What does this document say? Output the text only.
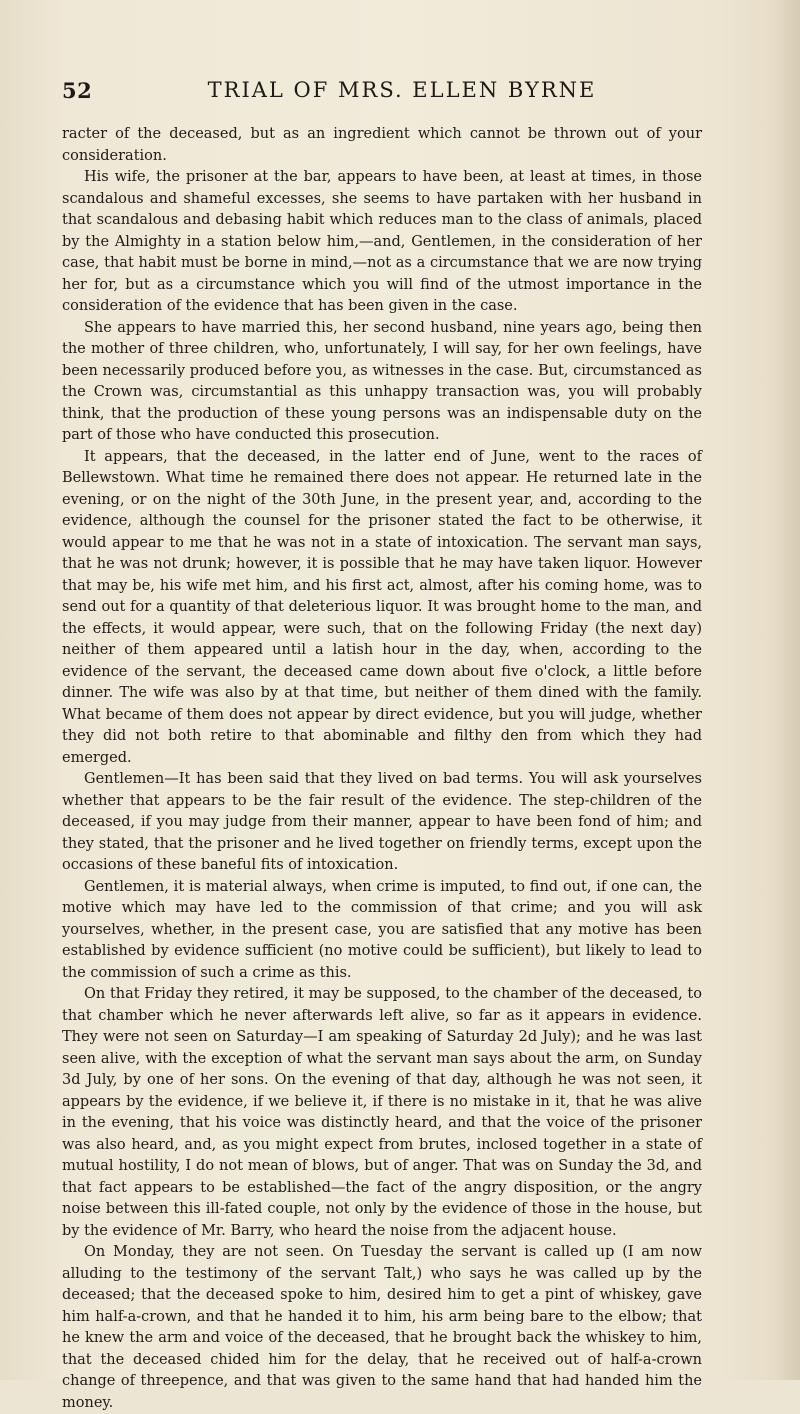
52	TRIAL OF MRS. ELLEN BYRNE

racter of the deceased, but as an ingredient which cannot be thrown out of your consideration.

His wife, the prisoner at the bar, appears to have been, at least at times, in those scandalous and shameful excesses, she seems to have partaken with her husband in that scandalous and debasing habit which reduces man to the class of animals, placed by the Almighty in a station below him,—and, Gentlemen, in the consideration of her case, that habit must be borne in mind,—not as a circumstance that we are now trying her for, but as a circumstance which you will find of the utmost importance in the consideration of the evidence that has been given in the case.

She appears to have married this, her second husband, nine years ago, being then the mother of three children, who, unfortunately, I will say, for her own feelings, have been necessarily produced before you, as witnesses in the case. But, circumstanced as the Crown was, circumstantial as this unhappy transaction was, you will probably think, that the production of these young persons was an indispensable duty on the part of those who have conducted this prosecution.

It appears, that the deceased, in the latter end of June, went to the races of Bellewstown. What time he remained there does not appear. He returned late in the evening, or on the night of the 30th June, in the present year, and, according to the evidence, although the counsel for the prisoner stated the fact to be otherwise, it would appear to me that he was not in a state of intoxication. The servant man says, that he was not drunk; however, it is possible that he may have taken liquor. However that may be, his wife met him, and his first act, almost, after his coming home, was to send out for a quantity of that deleterious liquor. It was brought home to the man, and the effects, it would appear, were such, that on the following Friday (the next day) neither of them appeared until a latish hour in the day, when, according to the evidence of the servant, the deceased came down about five o'clock, a little before dinner. The wife was also by at that time, but neither of them dined with the family. What became of them does not appear by direct evidence, but you will judge, whether they did not both retire to that abominable and filthy den from which they had emerged.

Gentlemen—It has been said that they lived on bad terms. You will ask yourselves whether that appears to be the fair result of the evidence. The step-children of the deceased, if you may judge from their manner, appear to have been fond of him; and they stated, that the prisoner and he lived together on friendly terms, except upon the occasions of these baneful fits of intoxication.

Gentlemen, it is material always, when crime is imputed, to find out, if one can, the motive which may have led to the commission of that crime; and you will ask yourselves, whether, in the present case, you are satisfied that any motive has been established by evidence sufficient (no motive could be sufficient), but likely to lead to the commission of such a crime as this.

On that Friday they retired, it may be supposed, to the chamber of the deceased, to that chamber which he never afterwards left alive, so far as it appears in evidence. They were not seen on Saturday—I am speaking of Saturday 2d July); and he was last seen alive, with the exception of what the servant man says about the arm, on Sunday 3d July, by one of her sons. On the evening of that day, although he was not seen, it appears by the evidence, if we believe it, if there is no mistake in it, that he was alive in the evening, that his voice was distinctly heard, and that the voice of the prisoner was also heard, and, as you might expect from brutes, inclosed together in a state of mutual hostility, I do not mean of blows, but of anger. That was on Sunday the 3d, and that fact appears to be established—the fact of the angry disposition, or the angry noise between this ill-fated couple, not only by the evidence of those in the house, but by the evidence of Mr. Barry, who heard the noise from the adjacent house.

On Monday, they are not seen. On Tuesday the servant is called up (I am now alluding to the testimony of the servant Talt,) who says he was called up by the deceased; that the deceased spoke to him, desired him to get a pint of whiskey, gave him half-a-crown, and that he handed it to him, his arm being bare to the elbow; that he knew the arm and voice of the deceased, that he brought back the whiskey to him, that the deceased chided him for the delay, that he received out of half-a-crown change of threepence, and that was given to the same hand that had handed him the money.
